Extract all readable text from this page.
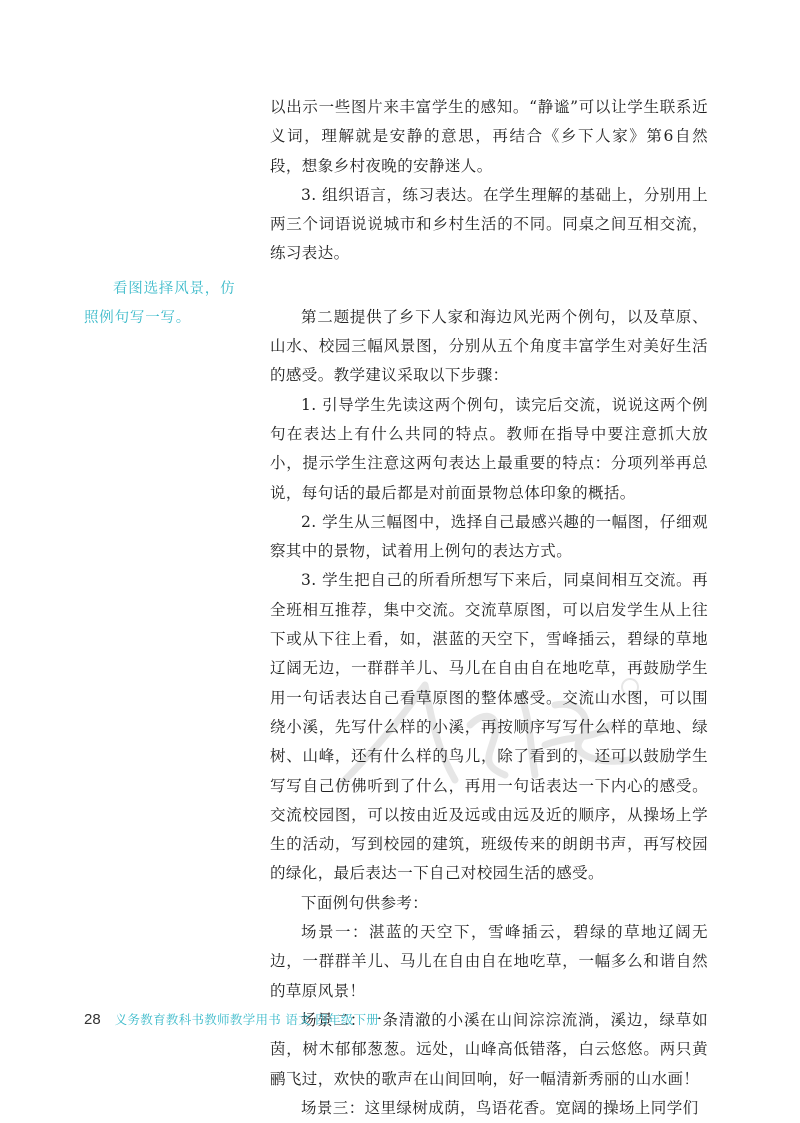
看图选择风景，仿照例句写一写。

以出示一些图片来丰富学生的感知。“静谧”可以让学生联系近义词，理解就是安静的意思，再结合《乡下人家》第6自然段，想象乡村夜晚的安静迷人。

3. 组织语言，练习表达。在学生理解的基础上，分别用上两三个词语说说城市和乡村生活的不同。同桌之间互相交流，练习表达。

第二题提供了乡下人家和海边风光两个例句，以及草原、山水、校园三幅风景图，分别从五个角度丰富学生对美好生活的感受。教学建议采取以下步骤：

1. 引导学生先读这两个例句，读完后交流，说说这两个例句在表达上有什么共同的特点。教师在指导中要注意抓大放小，提示学生注意这两句表达上最重要的特点：分项列举再总说，每句话的最后都是对前面景物总体印象的概括。

2. 学生从三幅图中，选择自己最感兴趣的一幅图，仔细观察其中的景物，试着用上例句的表达方式。

3. 学生把自己的所看所想写下来后，同桌间相互交流。再全班相互推荐，集中交流。交流草原图，可以启发学生从上往下或从下往上看，如，湛蓝的天空下，雪峰插云，碧绿的草地辽阔无边，一群群羊儿、马儿在自由自在地吃草，再鼓励学生用一句话表达自己看草原图的整体感受。交流山水图，可以围绕小溪，先写什么样的小溪，再按顺序写写什么样的草地、绿树、山峰，还有什么样的鸟儿，除了看到的，还可以鼓励学生写写自己仿佛听到了什么，再用一句话表达一下内心的感受。交流校园图，可以按由近及远或由远及近的顺序，从操场上学生的活动，写到校园的建筑，班级传来的朗朗书声，再写校园的绿化，最后表达一下自己对校园生活的感受。

下面例句供参考：

场景一：湛蓝的天空下，雪峰插云，碧绿的草地辽阔无边，一群群羊儿、马儿在自由自在地吃草，一幅多么和谐自然的草原风景！

场景二：一条清澈的小溪在山间淙淙流淌，溪边，绿草如茵，树木郁郁葱葱。远处，山峰高低错落，白云悠悠。两只黄鹂飞过，欢快的歌声在山间回响，好一幅清新秀丽的山水画！

场景三：这里绿树成荫，鸟语花香。宽阔的操场上同学们

28 义务教育教科书教师教学用书 语文 四年级下册
